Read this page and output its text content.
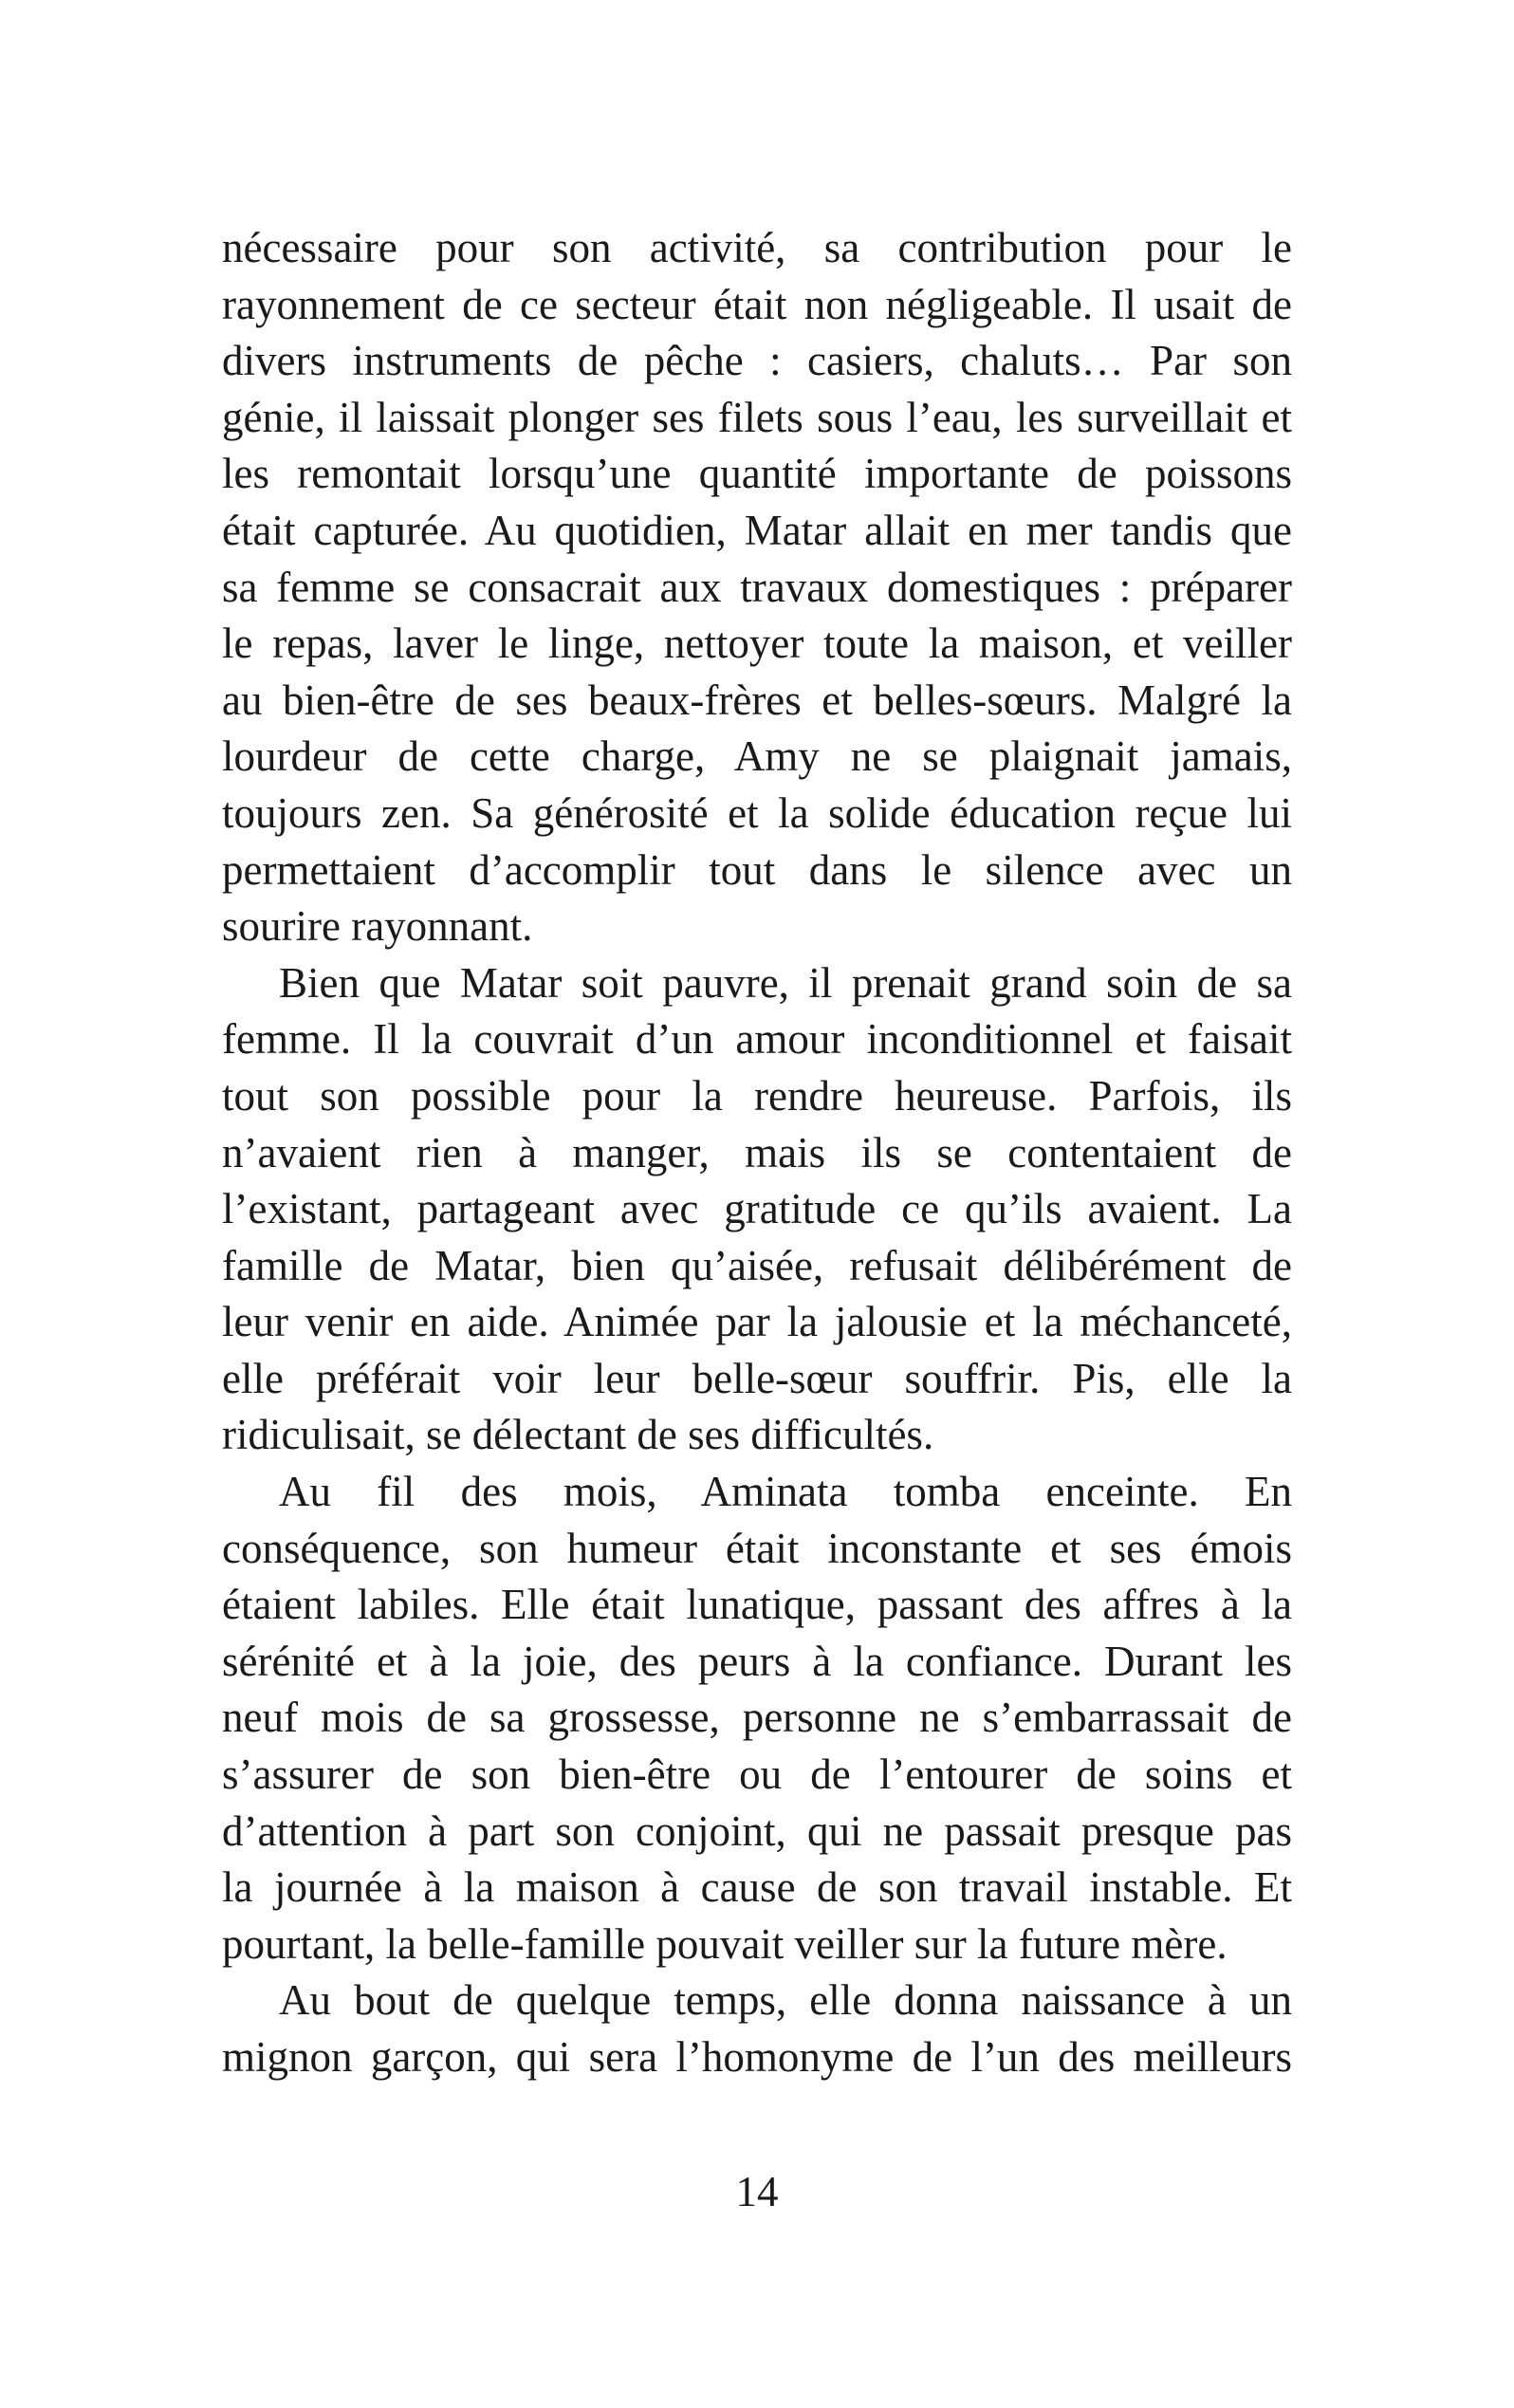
nécessaire pour son activité, sa contribution pour le
rayonnement de ce secteur était non négligeable. Il usait de
divers instruments de pêche : casiers, chaluts… Par son
génie, il laissait plonger ses filets sous l’eau, les surveillait et
les remontait lorsqu’une quantité importante de poissons
était capturée. Au quotidien, Matar allait en mer tandis que
sa femme se consacrait aux travaux domestiques : préparer
le repas, laver le linge, nettoyer toute la maison, et veiller
au bien-être de ses beaux-frères et belles-sœurs. Malgré la
lourdeur de cette charge, Amy ne se plaignait jamais,
toujours zen. Sa générosité et la solide éducation reçue lui
permettaient d’accomplir tout dans le silence avec un
sourire rayonnant.
Bien que Matar soit pauvre, il prenait grand soin de sa
femme. Il la couvrait d’un amour inconditionnel et faisait
tout son possible pour la rendre heureuse. Parfois, ils
n’avaient rien à manger, mais ils se contentaient de
l’existant, partageant avec gratitude ce qu’ils avaient. La
famille de Matar, bien qu’aisée, refusait délibérément de
leur venir en aide. Animée par la jalousie et la méchanceté,
elle préférait voir leur belle-sœur souffrir. Pis, elle la
ridiculisait, se délectant de ses difficultés.
Au fil des mois, Aminata tomba enceinte. En
conséquence, son humeur était inconstante et ses émois
étaient labiles. Elle était lunatique, passant des affres à la
sérénité et à la joie, des peurs à la confiance. Durant les
neuf mois de sa grossesse, personne ne s’embarrassait de
s’assurer de son bien-être ou de l’entourer de soins et
d’attention à part son conjoint, qui ne passait presque pas
la journée à la maison à cause de son travail instable. Et
pourtant, la belle-famille pouvait veiller sur la future mère.
Au bout de quelque temps, elle donna naissance à un
mignon garçon, qui sera l’homonyme de l’un des meilleurs
14
